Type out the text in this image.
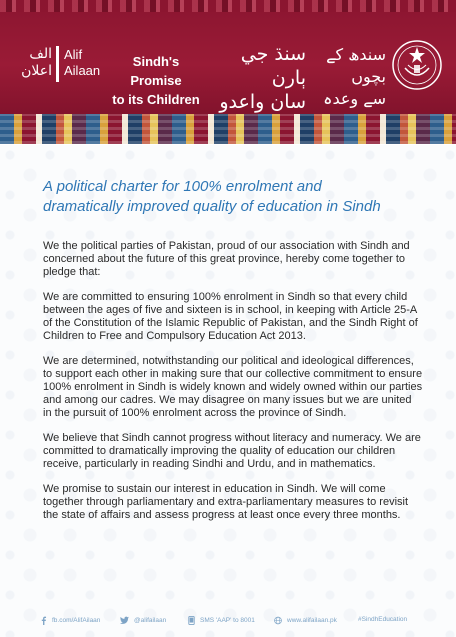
الف اعلان
Alif
Ailaan
Sindh's Promise
to its Children
سنڌ جي ٻارن
سان واعدو
سندھ کے بچوں
سے وعدہ
A political charter for 100% enrolment and
dramatically improved quality of education in Sindh

We the political parties of Pakistan, proud of our association with Sindh and concerned about the future of this great province, hereby come together to pledge that:

We are committed to ensuring 100% enrolment in Sindh so that every child between the ages of five and sixteen is in school, in keeping with Article 25-A of the Constitution of the Islamic Republic of Pakistan, and the Sindh Right of Children to Free and Compulsory Education Act 2013.

We are determined, notwithstanding our political and ideological differences, to support each other in making sure that our collective commitment to ensure 100% enrolment in Sindh is widely known and widely owned within our parties and among our cadres. We may disagree on many issues but we are united in the pursuit of 100% enrolment across the province of Sindh.

We believe that Sindh cannot progress without literacy and numeracy. We are committed to dramatically improving the quality of education our children receive, particularly in reading Sindhi and Urdu, and in mathematics.

We promise to sustain our interest in education in Sindh. We will come together through parliamentary and extra-parliamentary measures to revisit the state of affairs and assess progress at least once every three months.

fb.com/AlifAilaan	@alifailaan	SMS 'AAP' to 8001	www.alifailaan.pk	#SindhEducation
